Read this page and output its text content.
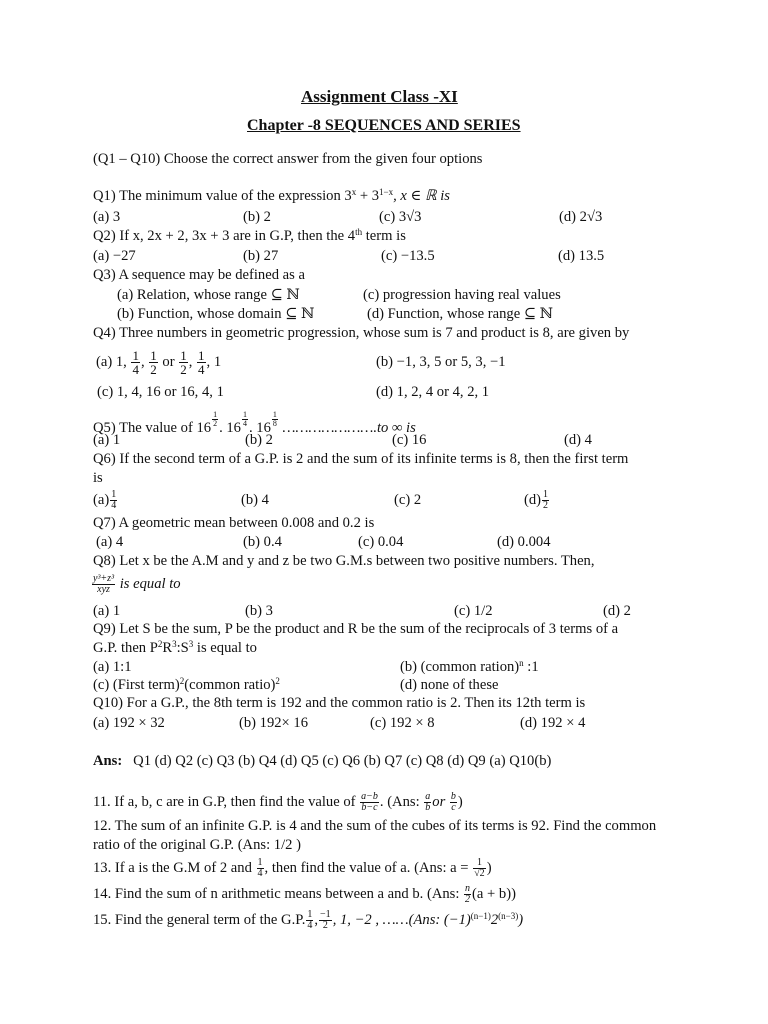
Assignment Class -XI
Chapter -8 SEQUENCES AND SERIES
(Q1 – Q10) Choose the correct answer from the given four options
Q1) The minimum value of the expression $3^x + 3^{1-x}$, x ∈ ℝ is
(a) 3	(b) 2	(c) 3√3	(d) 2√3
Q2) If x, 2x + 2, 3x + 3 are in G.P, then the 4th term is
(a) −27	(b) 27	(c) −13.5	(d) 13.5
Q3) A sequence may be defined as a
(a) Relation, whose range ⊆ ℕ	(c) progression having real values
(b) Function, whose domain ⊆ ℕ	(d) Function, whose range ⊆ ℕ
Q4) Three numbers in geometric progression, whose sum is 7 and product is 8, are given by
(a) 1, $\frac{1}{4}$ , $\frac{1}{2}$ or $\frac{1}{2}$ , $\frac{1}{4}$ , 1	(b) −1, 3, 5 or 5, 3, −1
(c) 1, 4, 16 or 16, 4, 1	(d) 1, 2, 4 or 4, 2, 1
Q5) The value of $16 \frac{1}{2}$ . $16 \frac{1}{4}$ . $16 \frac{1}{8}$ ………………….to ∞ is
(a) 1	(b) 2	(c) 16	(d) 4
Q6) If the second term of a G.P. is 2 and the sum of its infinite terms is 8, then the first term
is
$(a) \frac{1}{4}$	(b) 4	(c) 2	$(d) \frac{1}{2}$
Q7) A geometric mean between 0.008 and 0.2 is
(a) 4	(b) 0.4	(c) 0.04	(d) 0.004
Q8) Let x be the A.M and y and z be two G.M.s between two positive numbers. Then,
y³+z³
xyz is equal to
(a) 1	(b) 3	(c) 1/2	(d) 2
Q9) Let S be the sum, P be the product and R be the sum of the reciprocals of 3 terms of a
G.P. then $P^2R^3:S^3$ is equal to
(a) 1:1	(b) (common ration)$^n$ :1
(c) (First term)$^2$(common ratio)$^2$	(d) none of these
Q10) For a G.P., the 8th term is 192 and the common ratio is 2. Then its 12th term is
(a) 192 × 32	(b) 192× 16	(c) 192 × 8	(d) 192 × 4
Ans: Q1 (d) Q2 (c) Q3 (b) Q4 (d) Q5 (c) Q6 (b) Q7 (c) Q8 (d) Q9 (a) Q10(b)
11. If a, b, c are in G.P, then find the value of $\frac{a-b}{b-c}$ . (Ans: $\frac{a}{b}$ or $\frac{b}{c}$ )
12. The sum of an infinite G.P. is 4 and the sum of the cubes of its terms is 92. Find the common
ratio of the original G.P. (Ans: 1/2 )
13. If a is the G.M of 2 and $\frac{1}{4}$ , then find the value of a. (Ans: $a = \frac{1}{√2}$ )
14. Find the sum of n arithmetic means between a and b. (Ans: $\frac{n}{2} (a + b)$)
15. Find the general term of the G.P. $\frac{1}{4}$ , $\frac{-1}{2}$ , 1, −2 , ……(Ans: $(-1)^{(n-1)}2^{(n-3)}$)
